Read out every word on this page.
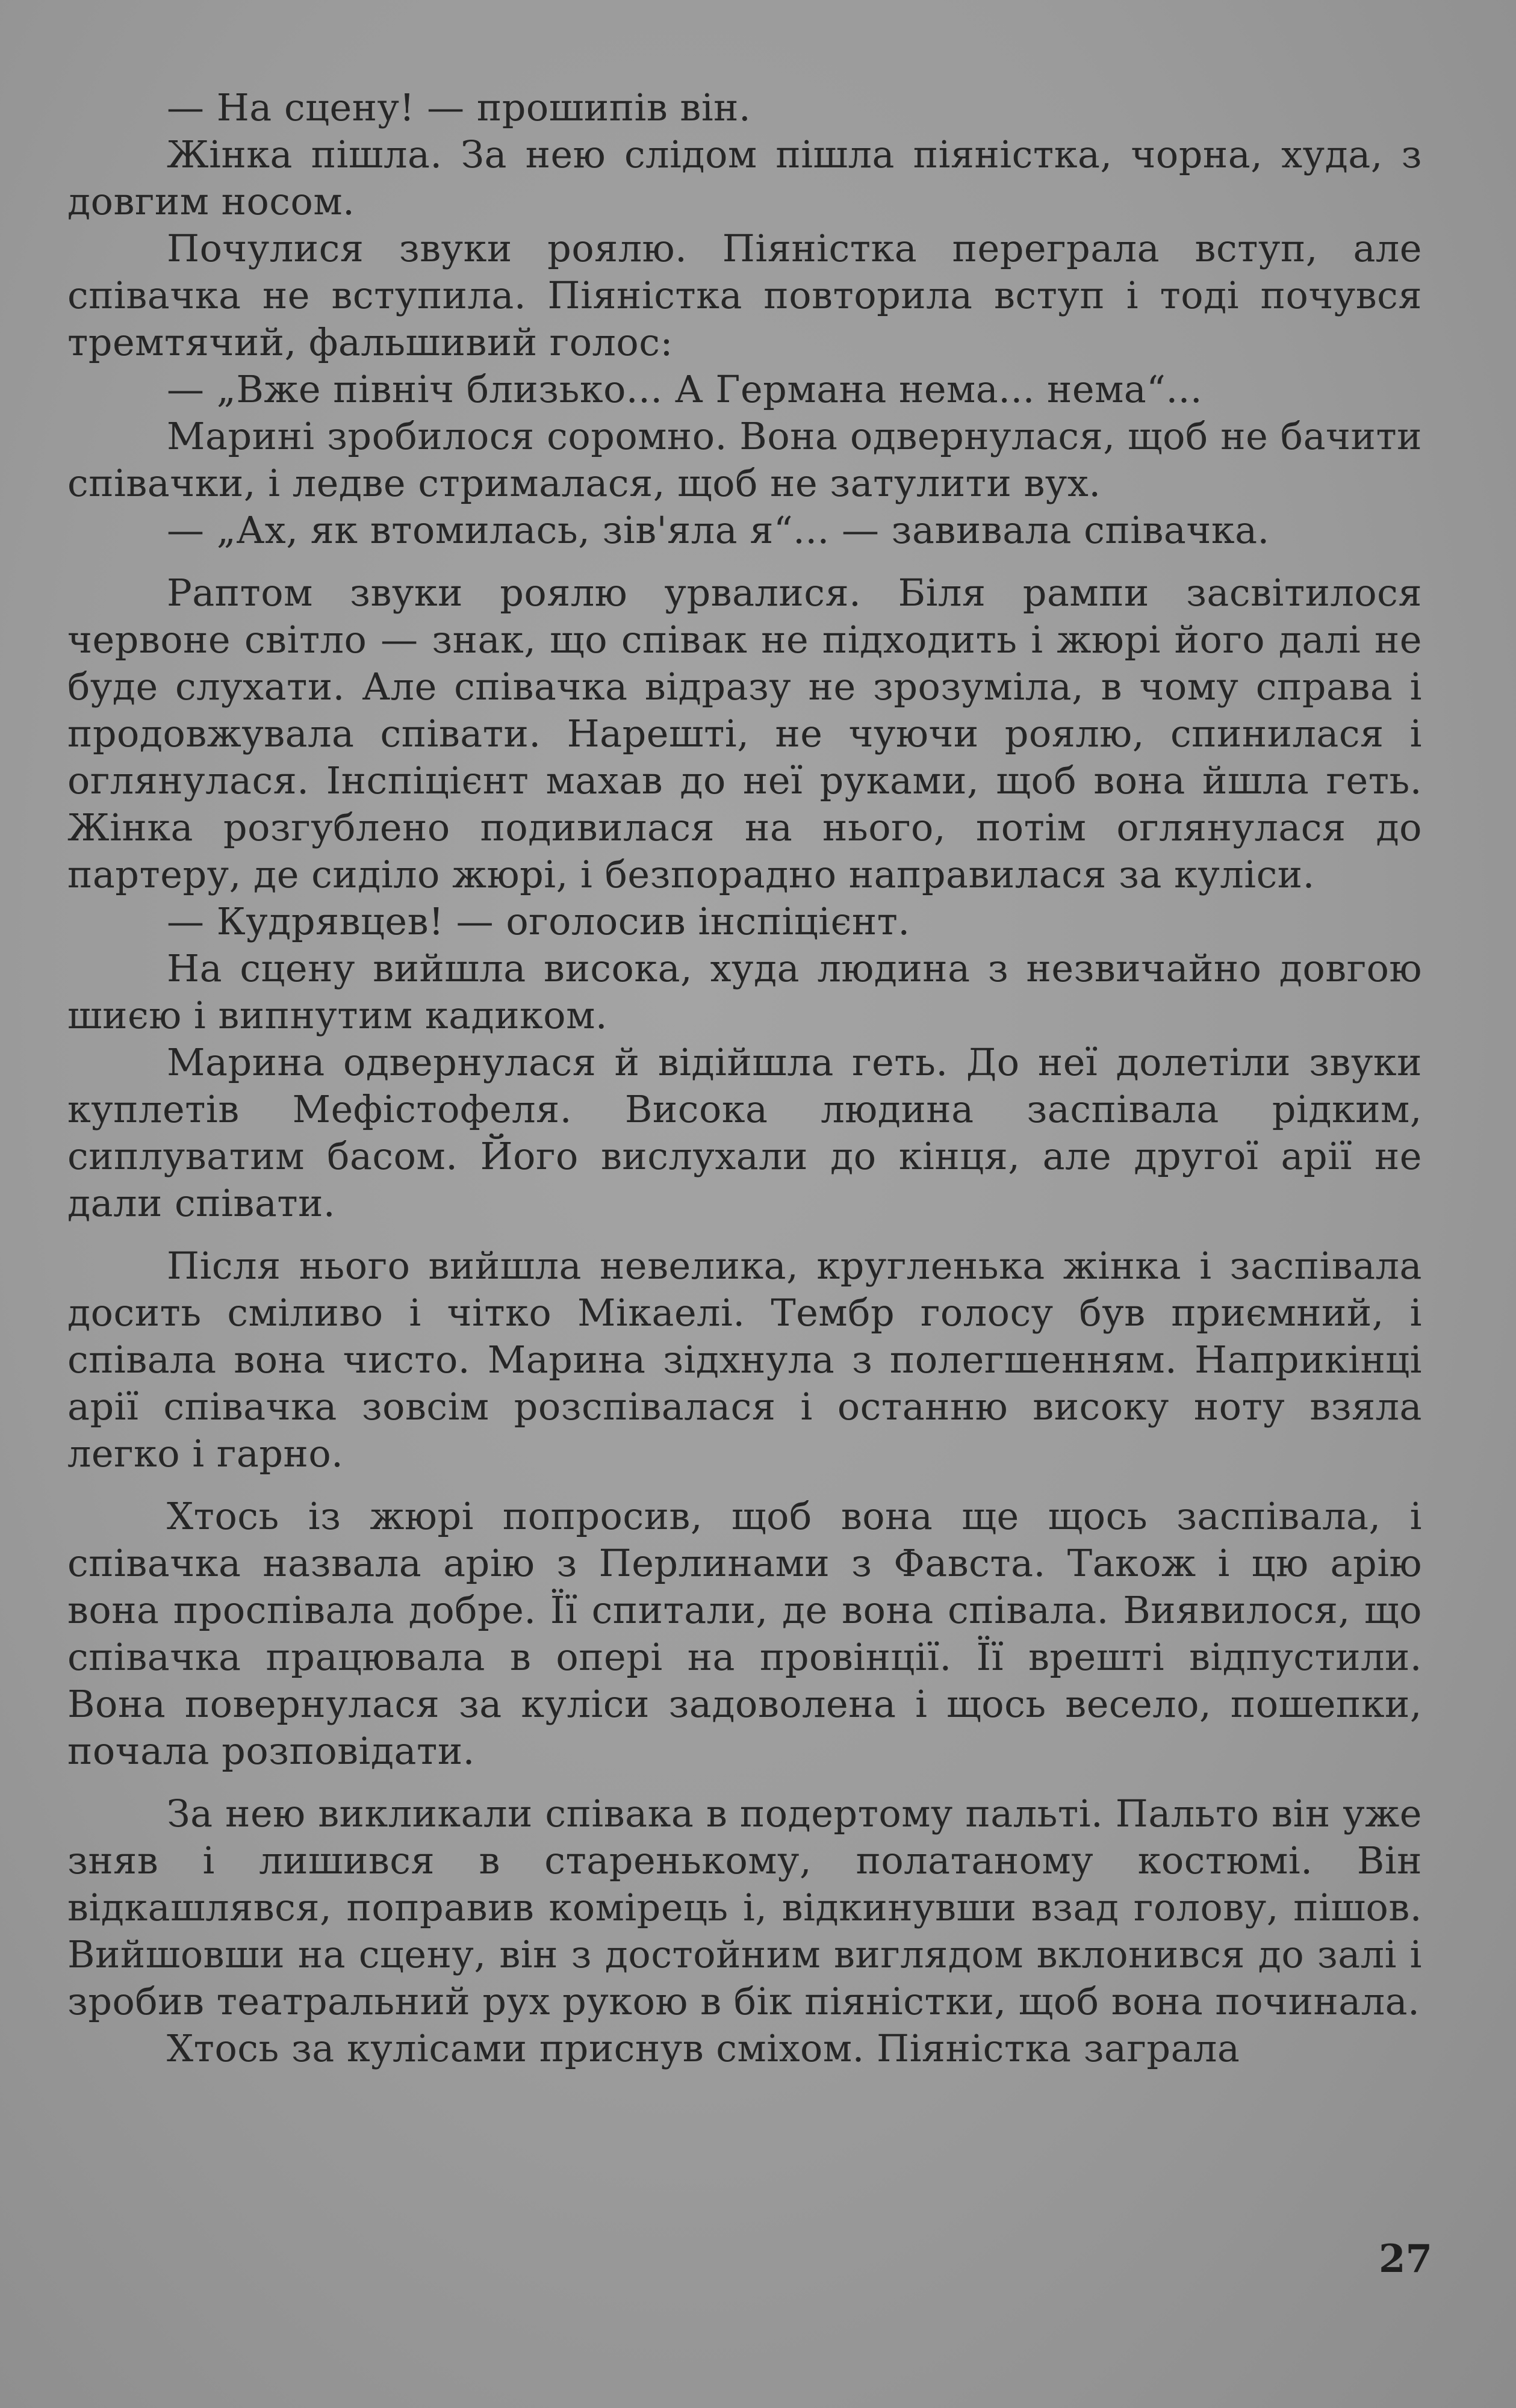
— На сцену! — прошипів він.

Жінка пішла. За нею слідом пішла піяністка, чорна, худа, з довгим носом.

Почулися звуки роялю. Піяністка переграла вступ, але співачка не вступила. Піяністка повторила вступ і тоді почувся тремтячий, фальшивий голос:

— „Вже північ близько... А Германа нема... нема“...

Марині зробилося соромно. Вона одвернулася, щоб не бачити співачки, і ледве стрималася, щоб не затулити вух.

— „Ах, як втомилась, зів'яла я“... — завивала співачка.

Раптом звуки роялю урвалися. Біля рампи засвітилося червоне світло — знак, що співак не підходить і жюрі його далі не буде слухати. Але співачка відразу не зрозуміла, в чому справа і продовжувала співати. Нарешті, не чуючи роялю, спинилася і оглянулася. Інспіцієнт махав до неї руками, щоб вона йшла геть. Жінка розгублено подивилася на нього, потім оглянулася до партеру, де сиділо жюрі, і безпорадно направилася за куліси.

— Кудрявцев! — оголосив інспіцієнт.

На сцену вийшла висока, худа людина з незвичайно довгою шиєю і випнутим кадиком.

Марина одвернулася й відійшла геть. До неї долетіли звуки куплетів Мефістофеля. Висока людина заспівала рідким, сиплуватим басом. Його вислухали до кінця, але другої арії не дали співати.

Після нього вийшла невелика, кругленька жінка і заспівала досить сміливо і чітко Мікаелі. Тембр голосу був приємний, і співала вона чисто. Марина зідхнула з полегшенням. Наприкінці арії співачка зовсім розспівалася і останню високу ноту взяла легко і гарно.

Хтось із жюрі попросив, щоб вона ще щось заспівала, і співачка назвала арію з Перлинами з Фавста. Також і цю арію вона проспівала добре. Її спитали, де вона співала. Виявилося, що співачка працювала в опері на провінції. Її врешті відпустили. Вона повернулася за куліси задоволена і щось весело, пошепки, почала розповідати.

За нею викликали співака в подертому пальті. Пальто він уже зняв і лишився в старенькому, полатаному костюмі. Він відкашлявся, поправив комірець і, відкинувши взад голову, пішов. Вийшовши на сцену, він з достойним виглядом вклонився до залі і зробив театральний рух рукою в бік піяністки, щоб вона починала.

Хтось за кулісами приснув сміхом. Піяністка заграла

27
